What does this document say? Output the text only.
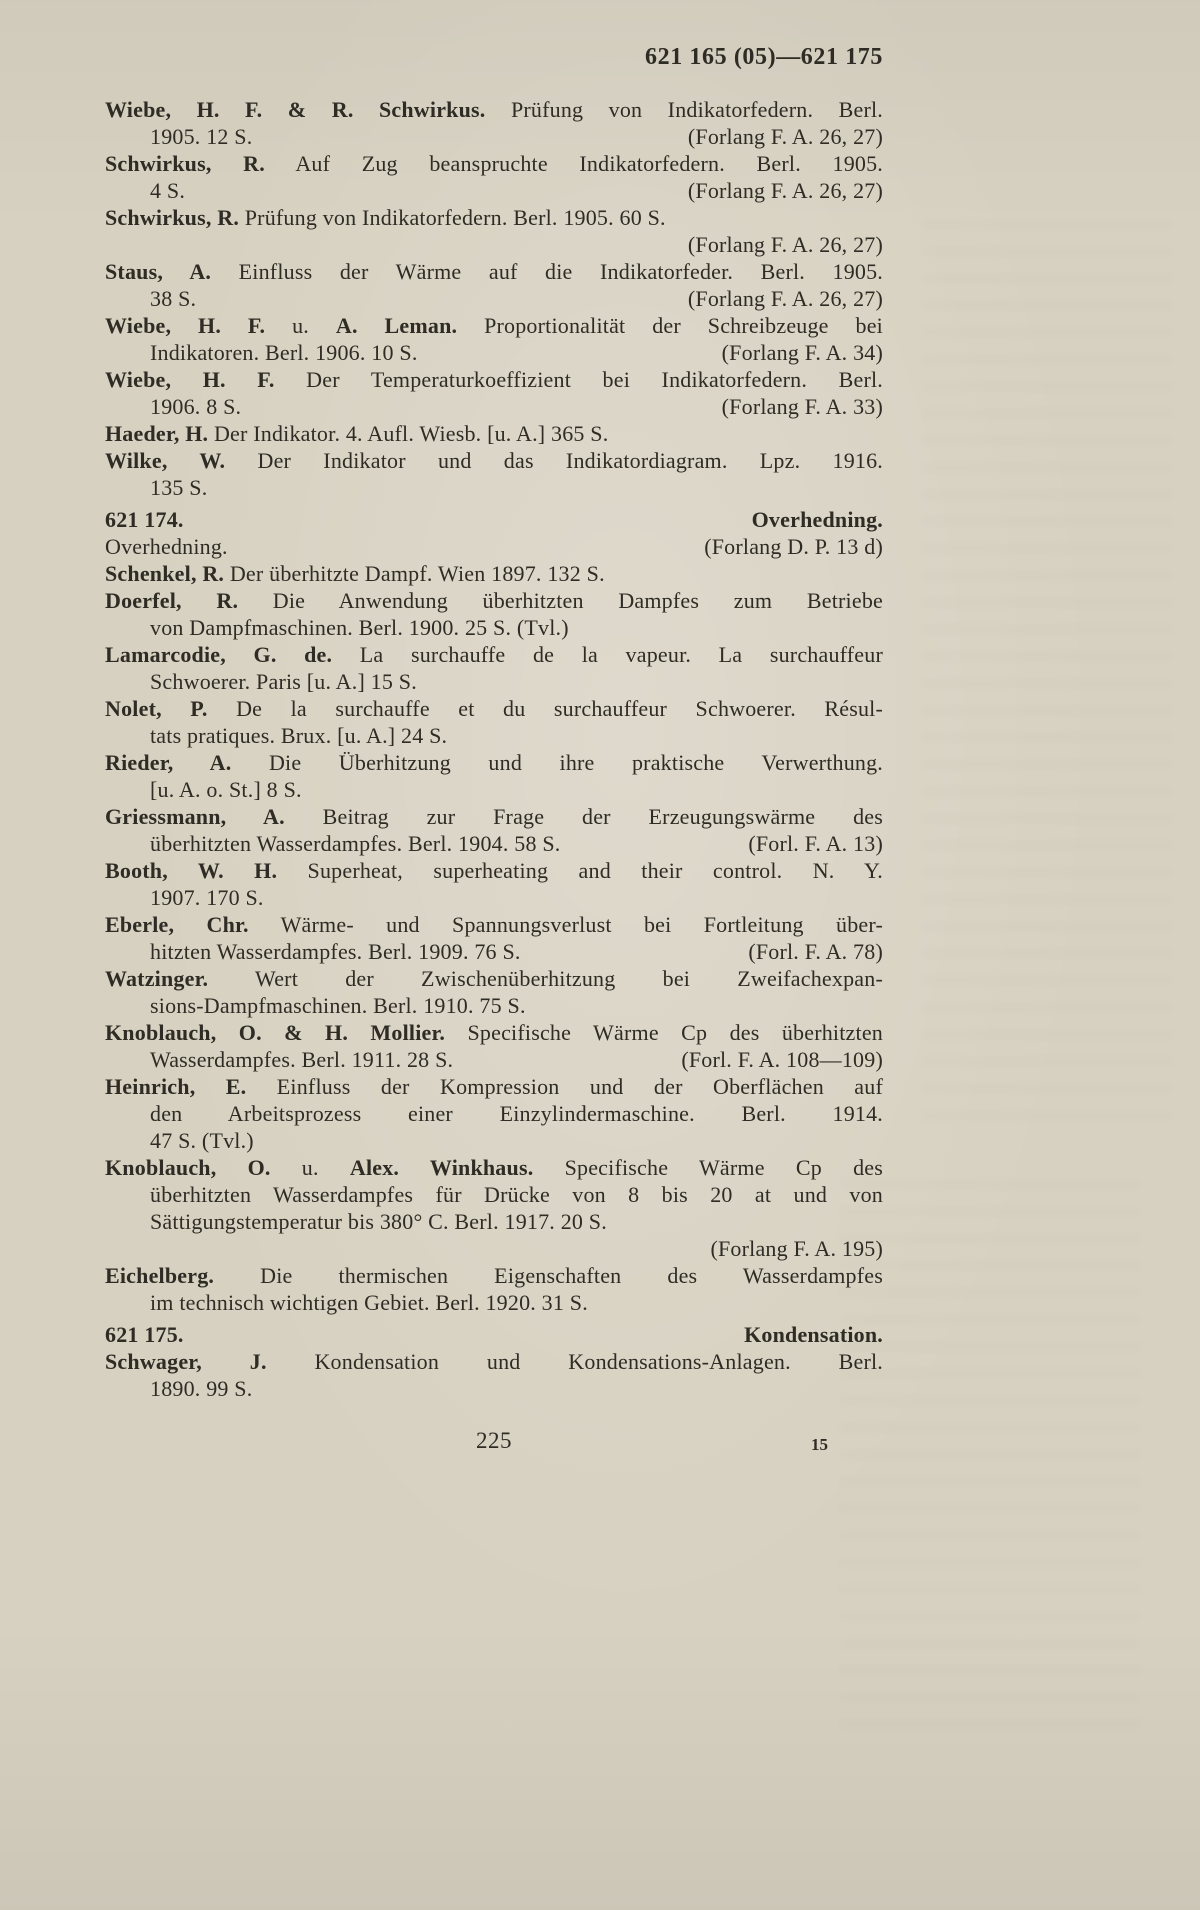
621 165 (05)—621 175
Wiebe, H. F. & R. Schwirkus. Prüfung von Indikatorfedern. Berl.
1905. 12 S.	(Forlang F. A. 26, 27)
Schwirkus, R. Auf Zug beanspruchte Indikatorfedern. Berl. 1905.
4 S.	(Forlang F. A. 26, 27)
Schwirkus, R. Prüfung von Indikatorfedern. Berl. 1905. 60 S.
(Forlang F. A. 26, 27)
Staus, A. Einfluss der Wärme auf die Indikatorfeder. Berl. 1905.
38 S.	(Forlang F. A. 26, 27)
Wiebe, H. F. u. A. Leman. Proportionalität der Schreibzeuge bei
Indikatoren. Berl. 1906. 10 S.	(Forlang F. A. 34)
Wiebe, H. F. Der Temperaturkoeffizient bei Indikatorfedern. Berl.
1906. 8 S.	(Forlang F. A. 33)
Haeder, H. Der Indikator. 4. Aufl. Wiesb. [u. A.] 365 S.
Wilke, W. Der Indikator und das Indikatordiagram. Lpz. 1916.
135 S.
621 174.	Overhedning.
Overhedning.	(Forlang D. P. 13 d)
Schenkel, R. Der überhitzte Dampf. Wien 1897. 132 S.
Doerfel, R. Die Anwendung überhitzten Dampfes zum Betriebe
von Dampfmaschinen. Berl. 1900. 25 S. (Tvl.)
Lamarcodie, G. de. La surchauffe de la vapeur. La surchauffeur
Schwoerer. Paris [u. A.] 15 S.
Nolet, P. De la surchauffe et du surchauffeur Schwoerer. Résul-
tats pratiques. Brux. [u. A.] 24 S.
Rieder, A. Die Überhitzung und ihre praktische Verwerthung.
[u. A. o. St.] 8 S.
Griessmann, A. Beitrag zur Frage der Erzeugungswärme des
überhitzten Wasserdampfes. Berl. 1904. 58 S.	(Forl. F. A. 13)
Booth, W. H. Superheat, superheating and their control. N. Y.
1907. 170 S.
Eberle, Chr. Wärme- und Spannungsverlust bei Fortleitung über-
hitzten Wasserdampfes. Berl. 1909. 76 S.	(Forl. F. A. 78)
Watzinger. Wert der Zwischenüberhitzung bei Zweifachexpan-
sions-Dampfmaschinen. Berl. 1910. 75 S.
Knoblauch, O. & H. Mollier. Specifische Wärme Cp des überhitzten
Wasserdampfes. Berl. 1911. 28 S.	(Forl. F. A. 108—109)
Heinrich, E. Einfluss der Kompression und der Oberflächen auf
den Arbeitsprozess einer Einzylindermaschine. Berl. 1914.
47 S. (Tvl.)
Knoblauch, O. u. Alex. Winkhaus. Specifische Wärme Cp des
überhitzten Wasserdampfes für Drücke von 8 bis 20 at und von
Sättigungstemperatur bis 380° C. Berl. 1917. 20 S.
(Forlang F. A. 195)
Eichelberg. Die thermischen Eigenschaften des Wasserdampfes
im technisch wichtigen Gebiet. Berl. 1920. 31 S.
621 175.	Kondensation.
Schwager, J. Kondensation und Kondensations-Anlagen. Berl.
1890. 99 S.
225	15
